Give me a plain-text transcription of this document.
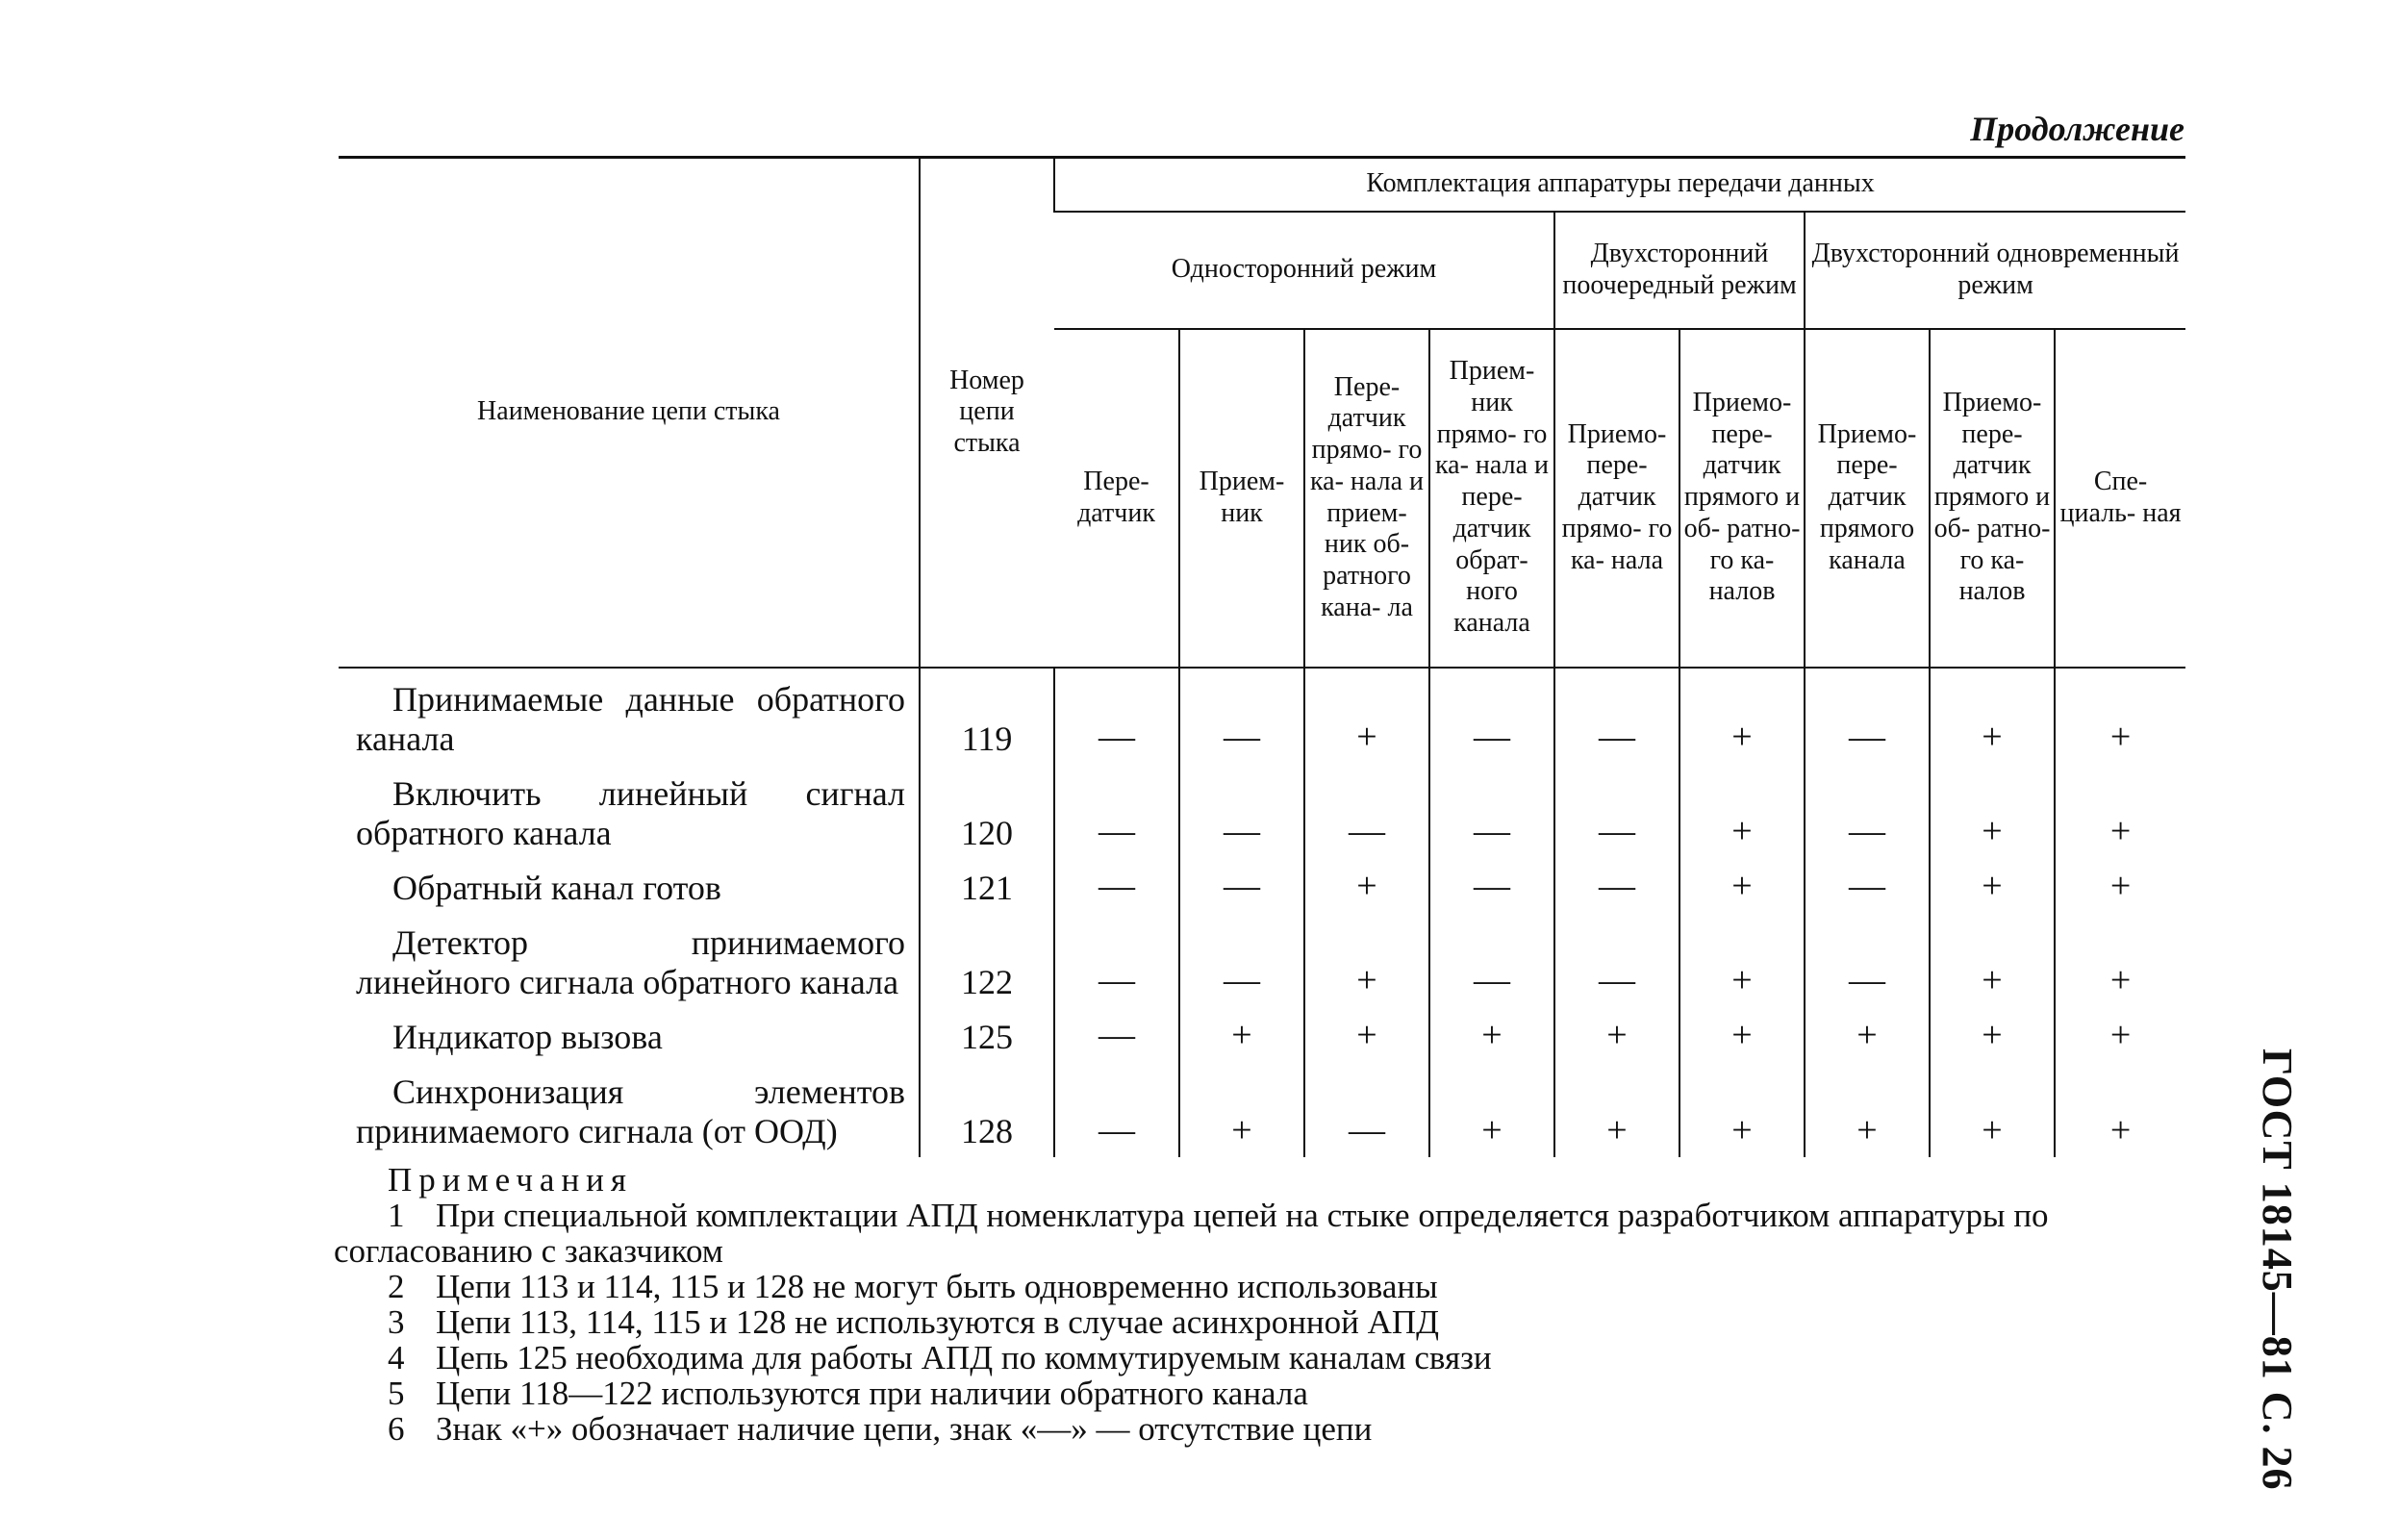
Продолжение
Наименование цепи стыка	Номер цепи стыка	Комплектация аппаратуры передачи данных								
		Односторонний режим				Двухсторонний поочередный режим		Двухсторонний одновременный режим		
		Пере- датчик	Прием- ник	Пере- датчик прямо- го ка- нала и прием- ник об- ратного кана- ла	Прием- ник прямо- го ка- нала и пере- датчик обрат- ного канала	Приемо- пере- датчик прямо- го ка- нала	Приемо- пере- датчик прямого и об- ратно- го ка- налов	Приемо- пере- датчик прямого канала	Приемо- пере- датчик прямого и об- ратно- го ка- налов	Спе- циаль- ная

Принимаемые данные обратного канала	119	—	—	+	—	—	+	—	+	+

Включить линейный сигнал обратного канала	120	—	—	—	—	—	+	—	+	+

Обратный канал готов	121	—	—	+	—	—	+	—	+	+

Детектор принимаемого линейного сигнала обратного канала	122	—	—	+	—	—	+	—	+	+

Индикатор вызова	125	—	+	+	+	+	+	+	+	+

Синхронизация элементов принимаемого сигнала (от ООД)	128	—	+	—	+	+	+	+	+	+
Примечания
1 При специальной комплектации АПД номенклатура цепей на стыке определяется разработчиком аппаратуры по согласованию с заказчиком
2 Цепи 113 и 114, 115 и 128 не могут быть одновременно использованы
3 Цепи 113, 114, 115 и 128 не используются в случае асинхронной АПД
4 Цепь 125 необходима для работы АПД по коммутируемым каналам связи
5 Цепи 118—122 используются при наличии обратного канала
6 Знак «+» обозначает наличие цепи, знак «—» — отсутствие цепи	ГОСТ 18145—81 С. 26
